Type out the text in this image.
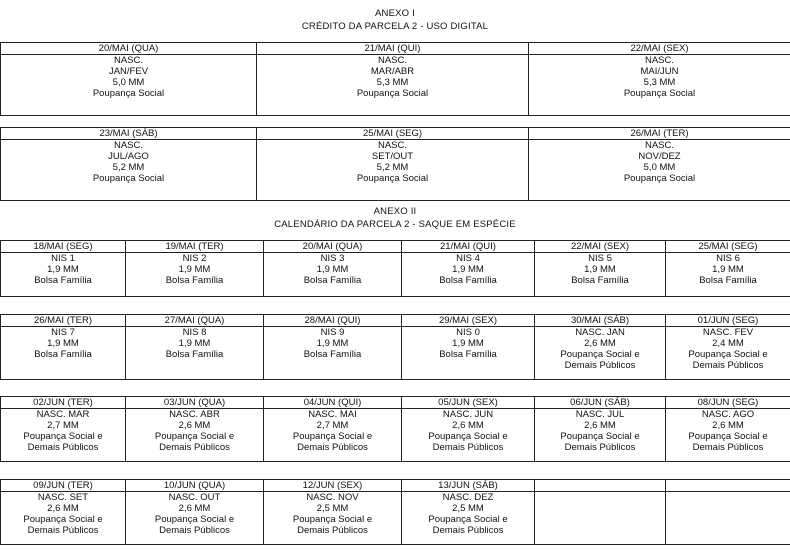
ANEXO I
CRÉDITO DA PARCELA 2 - USO DIGITAL
20/MAI (QUA)	21/MAI (QUI)	22/MAI (SEX)

NASC.
JAN/FEV
5,0 MM
Poupança Social	NASC.
MAR/ABR
5,3 MM
Poupança Social	NASC.
MAI/JUN
5,3 MM
Poupança Social
23/MAI (SÁB)	25/MAI (SEG)	26/MAI (TER)

NASC.
JUL/AGO
5,2 MM
Poupança Social	NASC.
SET/OUT
5,2 MM
Poupança Social	NASC.
NOV/DEZ
5,0 MM
Poupança Social
ANEXO II
CALENDÁRIO DA PARCELA 2 - SAQUE EM ESPÉCIE
18/MAI (SEG)	19/MAI (TER)	20/MAI (QUA)	21/MAI (QUI)	22/MAI (SEX)	25/MAI (SEG)

NIS 1
1,9 MM
Bolsa Família	NIS 2
1,9 MM
Bolsa Família	NIS 3
1,9 MM
Bolsa Família	NIS 4
1,9 MM
Bolsa Família	NIS 5
1,9 MM
Bolsa Família	NIS 6
1,9 MM
Bolsa Família
26/MAI (TER)	27/MAI (QUA)	28/MAI (QUI)	29/MAI (SEX)	30/MAI (SÁB)	01/JUN (SEG)

NIS 7
1,9 MM
Bolsa Família	NIS 8
1,9 MM
Bolsa Família	NIS 9
1,9 MM
Bolsa Família	NIS 0
1,9 MM
Bolsa Família	NASC. JAN
2,6 MM
Poupança Social e
Demais Públicos	NASC. FEV
2,4 MM
Poupança Social e
Demais Públicos
02/JUN (TER)	03/JUN (QUA)	04/JUN (QUI)	05/JUN (SEX)	06/JUN (SÁB)	08/JUN (SEG)

NASC. MAR
2,7 MM
Poupança Social e
Demais Públicos	NASC. ABR
2,6 MM
Poupança Social e
Demais Públicos	NASC. MAI
2,7 MM
Poupança Social e
Demais Públicos	NASC. JUN
2,6 MM
Poupança Social e
Demais Públicos	NASC. JUL
2,6 MM
Poupança Social e
Demais Públicos	NASC. AGO
2,6 MM
Poupança Social e
Demais Públicos
09/JUN (TER)	10/JUN (QUA)	12/JUN (SEX)	13/JUN (SÁB)		

NASC. SET
2,6 MM
Poupança Social e
Demais Públicos	NASC. OUT
2,6 MM
Poupança Social e
Demais Públicos	NASC. NOV
2,5 MM
Poupança Social e
Demais Públicos	NASC. DEZ
2,5 MM
Poupança Social e
Demais Públicos		
